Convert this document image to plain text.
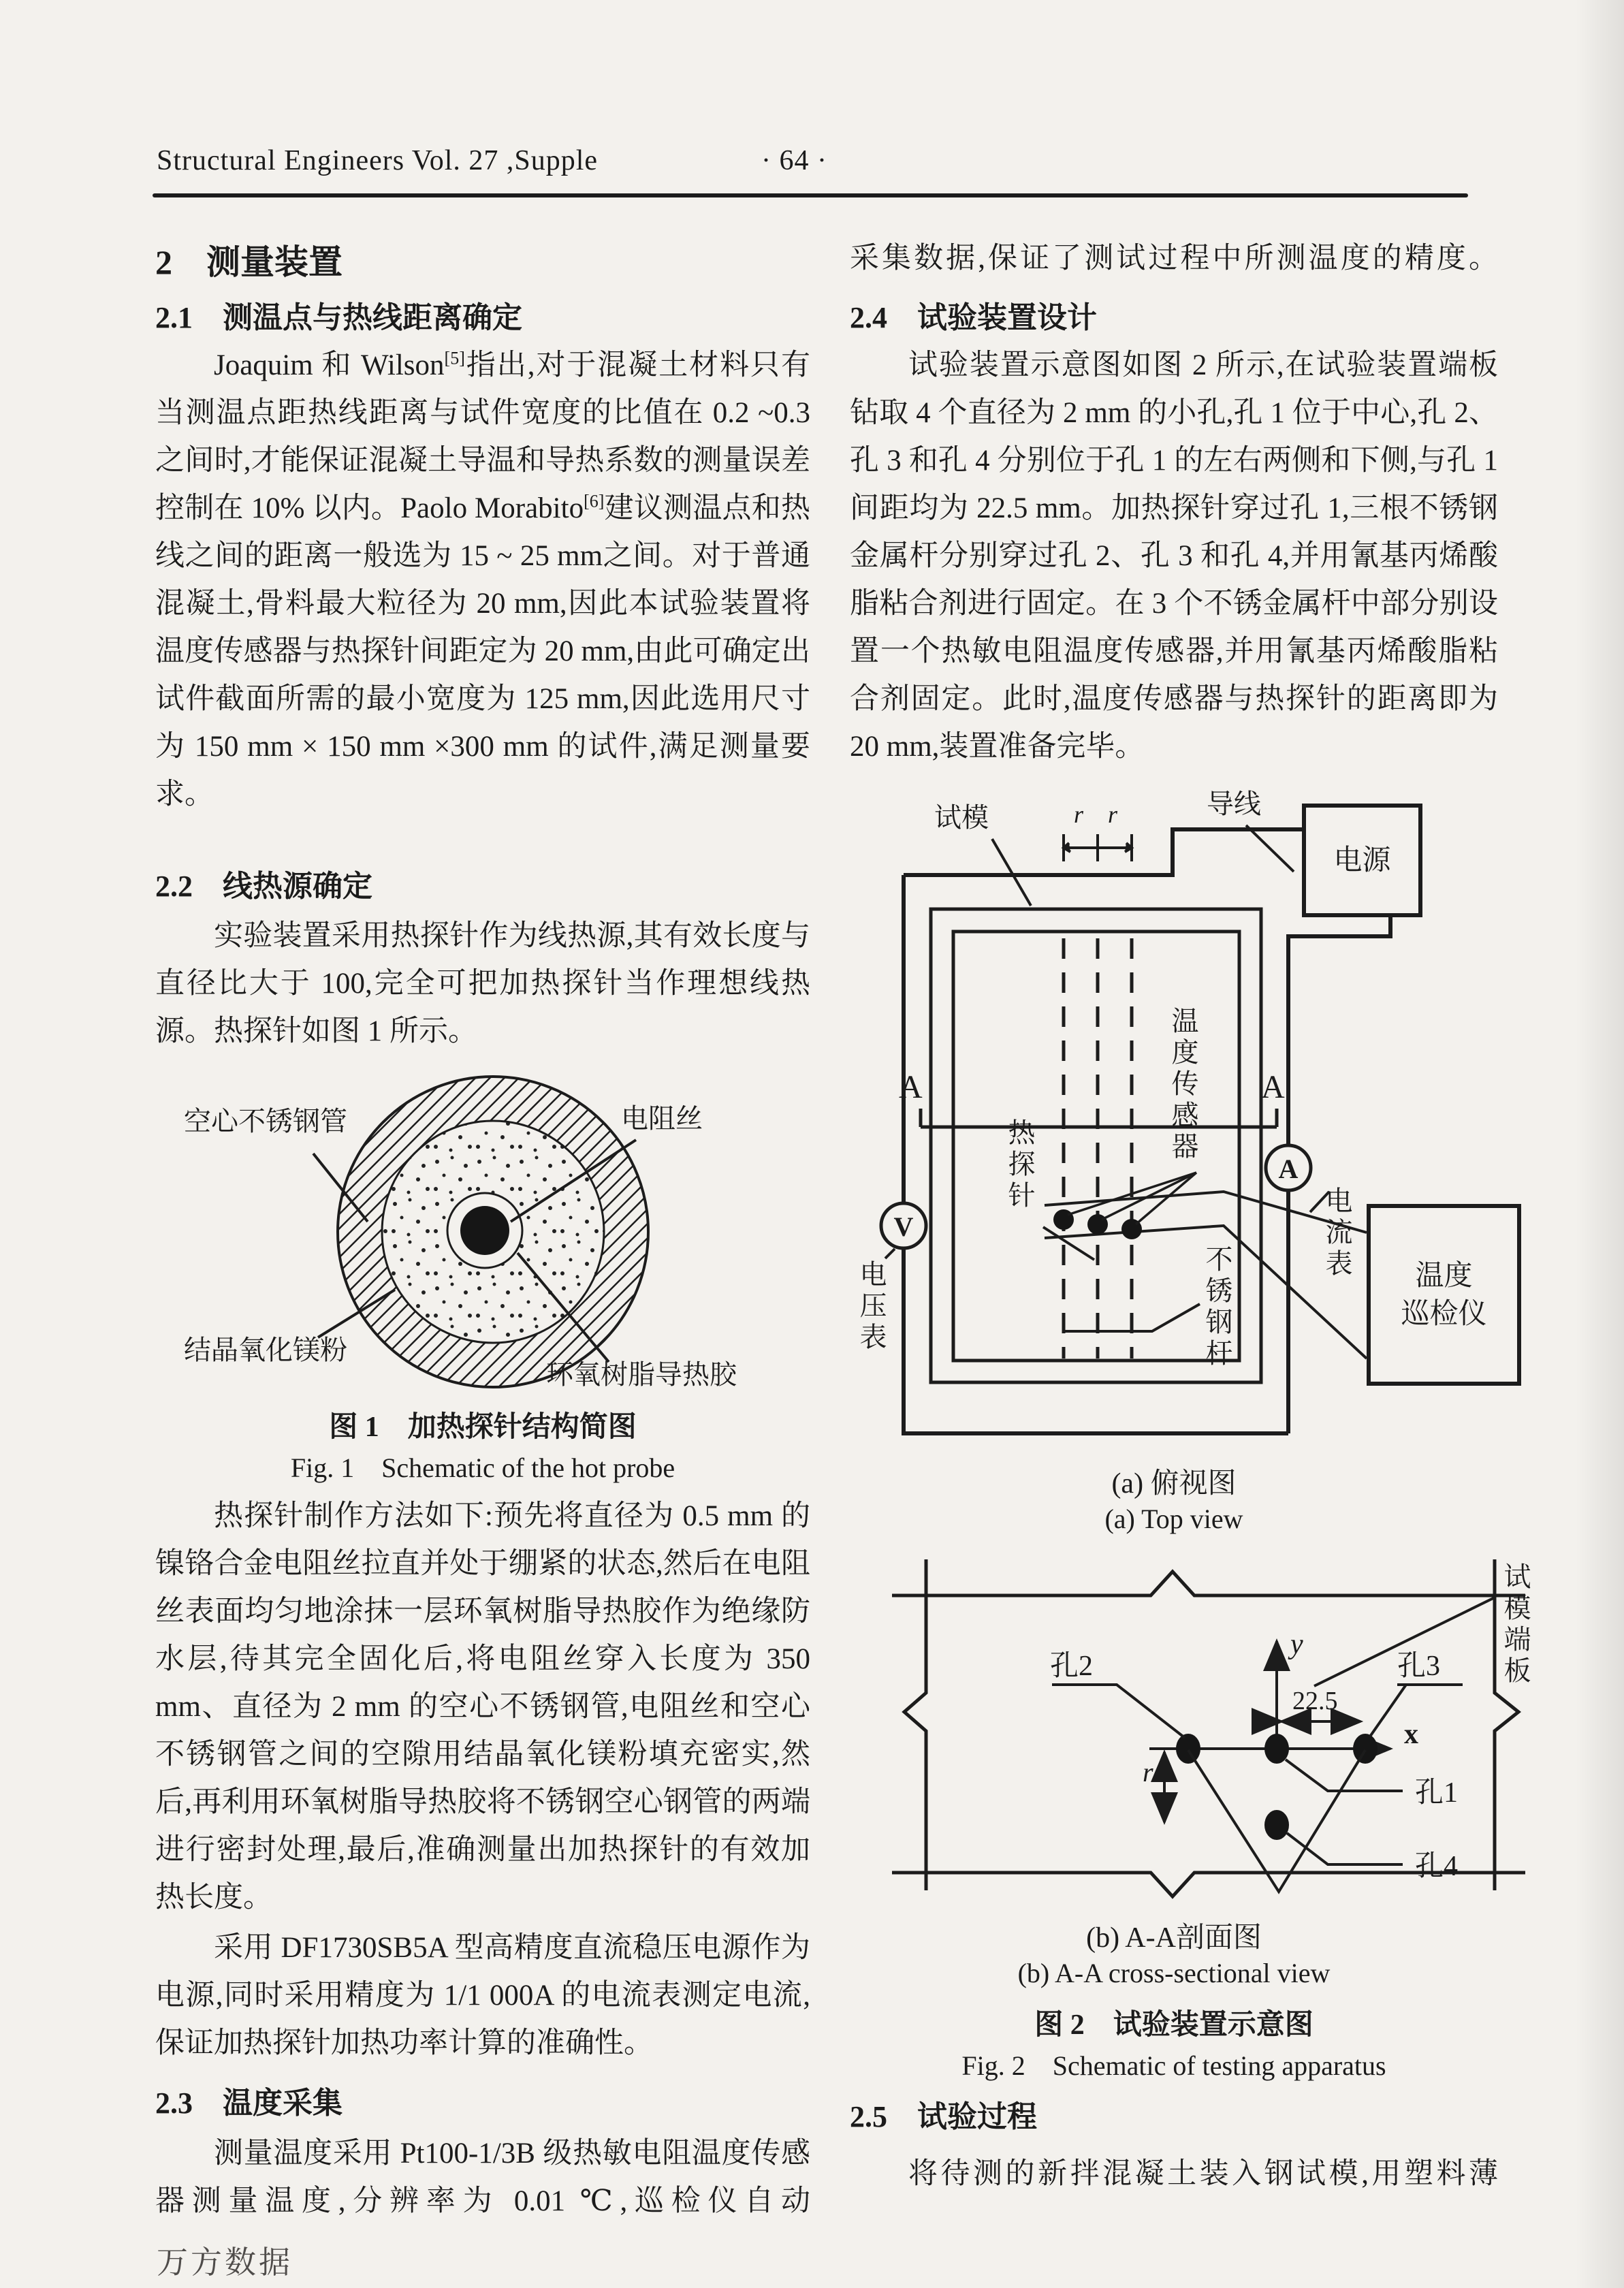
Structural Engineers Vol. 27 ,Supple	· 64 ·
2　测量装置
2.1　测温点与热线距离确定
Joaquim 和 Wilson[5]指出,对于混凝土材料只有当测温点距热线距离与试件宽度的比值在 0.2 ~0.3 之间时,才能保证混凝土导温和导热系数的测量误差控制在 10% 以内。Paolo Morabito[6]建议测温点和热线之间的距离一般选为 15 ~ 25 mm之间。对于普通混凝土,骨料最大粒径为 20 mm,因此本试验装置将温度传感器与热探针间距定为 20 mm,由此可确定出试件截面所需的最小宽度为 125 mm,因此选用尺寸为 150 mm × 150 mm ×300 mm 的试件,满足测量要求。
2.2　线热源确定
实验装置采用热探针作为线热源,其有效长度与直径比大于 100,完全可把加热探针当作理想线热源。热探针如图 1 所示。
空心不锈钢管	电阻丝
结晶氧化镁粉
环氧树脂导热胶
图 1　加热探针结构简图
Fig. 1　Schematic of the hot probe
热探针制作方法如下:预先将直径为 0.5 mm 的镍铬合金电阻丝拉直并处于绷紧的状态,然后在电阻丝表面均匀地涂抹一层环氧树脂导热胶作为绝缘防水层,待其完全固化后,将电阻丝穿入长度为 350 mm、直径为 2 mm 的空心不锈钢管,电阻丝和空心不锈钢管之间的空隙用结晶氧化镁粉填充密实,然后,再利用环氧树脂导热胶将不锈钢空心钢管的两端进行密封处理,最后,准确测量出加热探针的有效加热长度。
采用 DF1730SB5A 型高精度直流稳压电源作为电源,同时采用精度为 1/1 000A 的电流表测定电流,保证加热探针加热功率计算的准确性。
2.3　温度采集
测量温度采用 Pt100-1/3B 级热敏电阻温度传感器测量温度,分辨率为 0.01 ℃,巡检仪自动
万方数据
采集数据,保证了测试过程中所测温度的精度。
2.4　试验装置设计
试验装置示意图如图 2 所示,在试验装置端板钻取 4 个直径为 2 mm 的小孔,孔 1 位于中心,孔 2、孔 3 和孔 4 分别位于孔 1 的左右两侧和下侧,与孔 1 间距均为 22.5 mm。加热探针穿过孔 1,三根不锈钢金属杆分别穿过孔 2、孔 3 和孔 4,并用氰基丙烯酸脂粘合剂进行固定。在 3 个不锈金属杆中部分别设置一个热敏电阻温度传感器,并用氰基丙烯酸脂粘合剂固定。此时,温度传感器与热探针的距离即为 20 mm,装置准备完毕。
r r
A	A
V
A
电源
温度
巡检仪
试模	导线
热探针
温度传感器
电压表
电流表
不锈钢杆
(a) 俯视图
(a) Top view
孔2	孔3
孔1
孔4
22.5
r
x
y	试模端板
(b) A-A剖面图
(b) A-A cross-sectional view
图 2　试验装置示意图
Fig. 2　Schematic of testing apparatus
2.5　试验过程
将待测的新拌混凝土装入钢试模,用塑料薄
